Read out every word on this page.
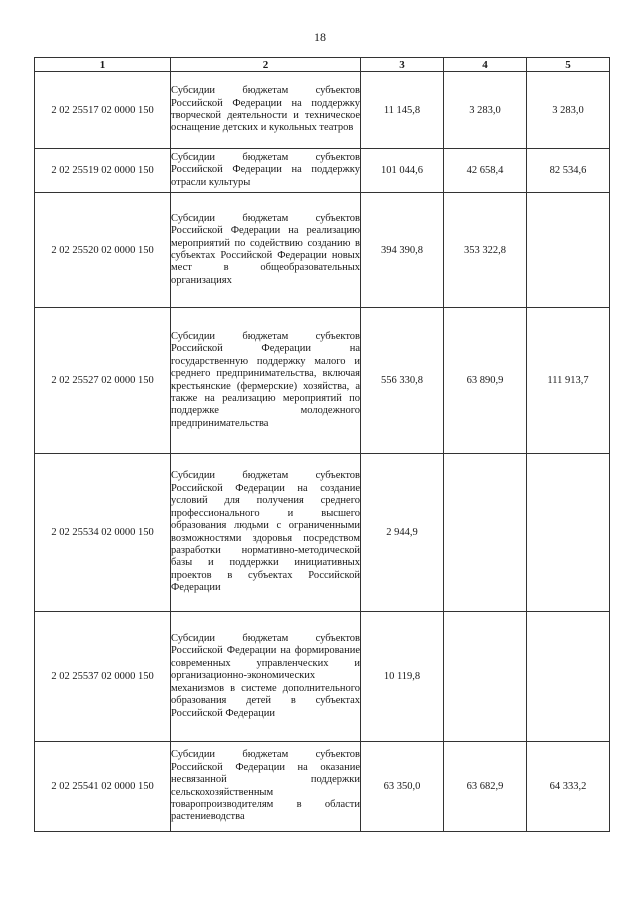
18
1	2	3	4	5
2 02 25517 02 0000 150	Субсидии бюджетам субъектов Российской Федерации на поддержку творческой деятельности и техническое оснащение детских и кукольных театров	11 145,8	3 283,0	3 283,0
2 02 25519 02 0000 150	Субсидии бюджетам субъектов Российской Федерации на поддержку отрасли культуры	101 044,6	42 658,4	82 534,6
2 02 25520 02 0000 150	Субсидии бюджетам субъектов Российской Федерации на реализацию мероприятий по содействию созданию в субъектах Российской Федерации новых мест в общеобразовательных организациях	394 390,8	353 322,8	
2 02 25527 02 0000 150	Субсидии бюджетам субъектов Российской Федерации на государственную поддержку малого и среднего предпринимательства, включая крестьянские (фермерские) хозяйства, а также на реализацию мероприятий по поддержке молодежного предпринимательства	556 330,8	63 890,9	111 913,7
2 02 25534 02 0000 150	Субсидии бюджетам субъектов Российской Федерации на создание условий для получения среднего профессионального и высшего образования людьми с ограниченными возможностями здоровья посредством разработки нормативно-методической базы и поддержки инициативных проектов в субъектах Российской Федерации	2 944,9		
2 02 25537 02 0000 150	Субсидии бюджетам субъектов Российской Федерации на формирование современных управленческих и организационно-экономических механизмов в системе дополнительного образования детей в субъектах Российской Федерации	10 119,8		
2 02 25541 02 0000 150	Субсидии бюджетам субъектов Российской Федерации на оказание несвязанной поддержки сельскохозяйственным товаропроизводителям в области растениеводства	63 350,0	63 682,9	64 333,2
